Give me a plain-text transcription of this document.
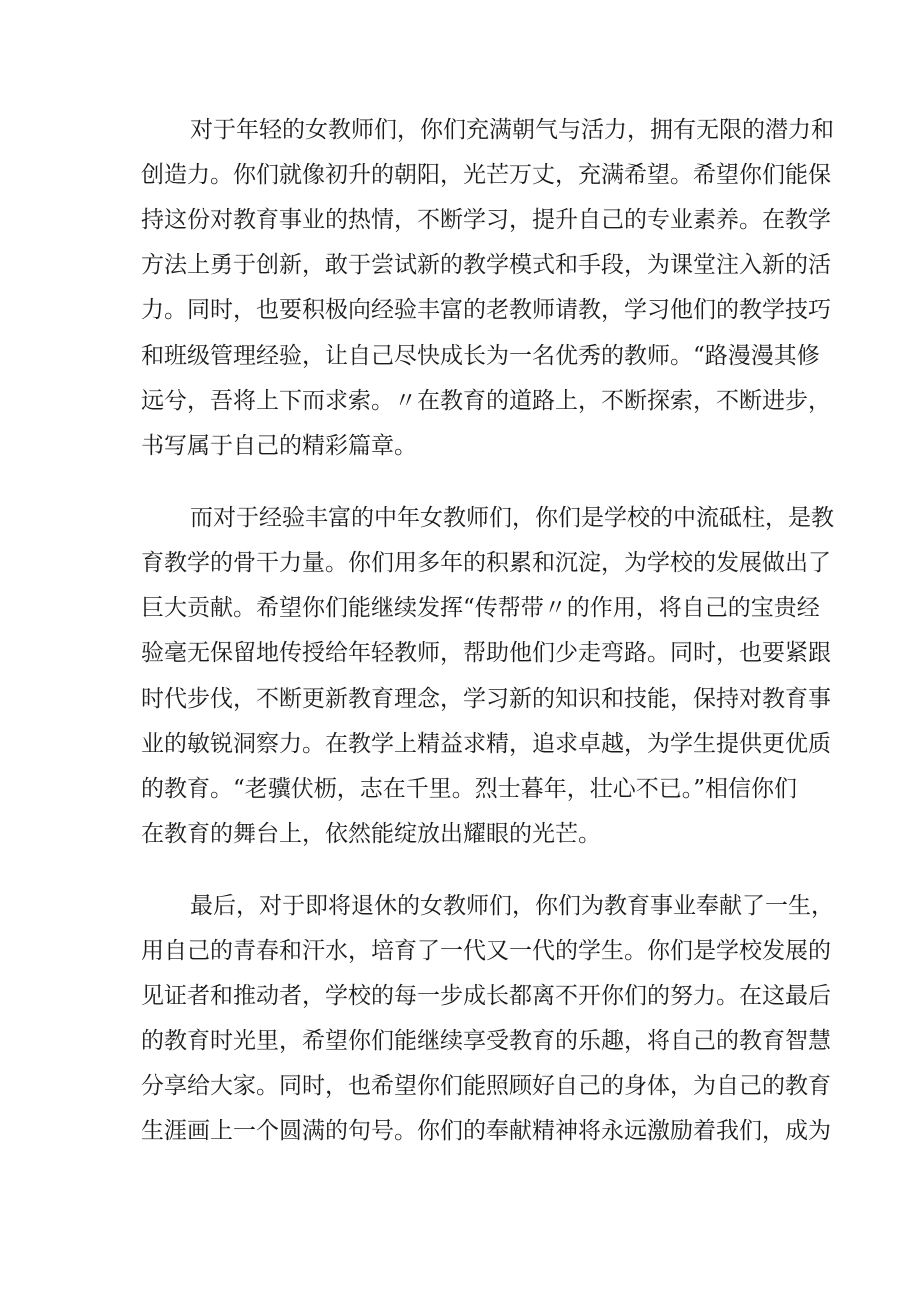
对于年轻的女教师们，你们充满朝气与活力，拥有无限的潜力和
创造力。你们就像初升的朝阳，光芒万丈，充满希望。希望你们能保
持这份对教育事业的热情，不断学习，提升自己的专业素养。在教学
方法上勇于创新，敢于尝试新的教学模式和手段，为课堂注入新的活
力。同时，也要积极向经验丰富的老教师请教，学习他们的教学技巧
和班级管理经验，让自己尽快成长为一名优秀的教师。“路漫漫其修
远兮，吾将上下而求索。〃在教育的道路上，不断探索，不断进步，
书写属于自己的精彩篇章。
而对于经验丰富的中年女教师们，你们是学校的中流砥柱，是教
育教学的骨干力量。你们用多年的积累和沉淀，为学校的发展做出了
巨大贡献。希望你们能继续发挥“传帮带〃的作用，将自己的宝贵经
验毫无保留地传授给年轻教师，帮助他们少走弯路。同时，也要紧跟
时代步伐，不断更新教育理念，学习新的知识和技能，保持对教育事
业的敏锐洞察力。在教学上精益求精，追求卓越，为学生提供更优质
的教育。“老骥伏枥，志在千里。烈士暮年，壮心不已。”相信你们
在教育的舞台上，依然能绽放出耀眼的光芒。
最后，对于即将退休的女教师们，你们为教育事业奉献了一生，
用自己的青春和汗水，培育了一代又一代的学生。你们是学校发展的
见证者和推动者，学校的每一步成长都离不开你们的努力。在这最后
的教育时光里，希望你们能继续享受教育的乐趣，将自己的教育智慧
分享给大家。同时，也希望你们能照顾好自己的身体，为自己的教育
生涯画上一个圆满的句号。你们的奉献精神将永远激励着我们，成为
